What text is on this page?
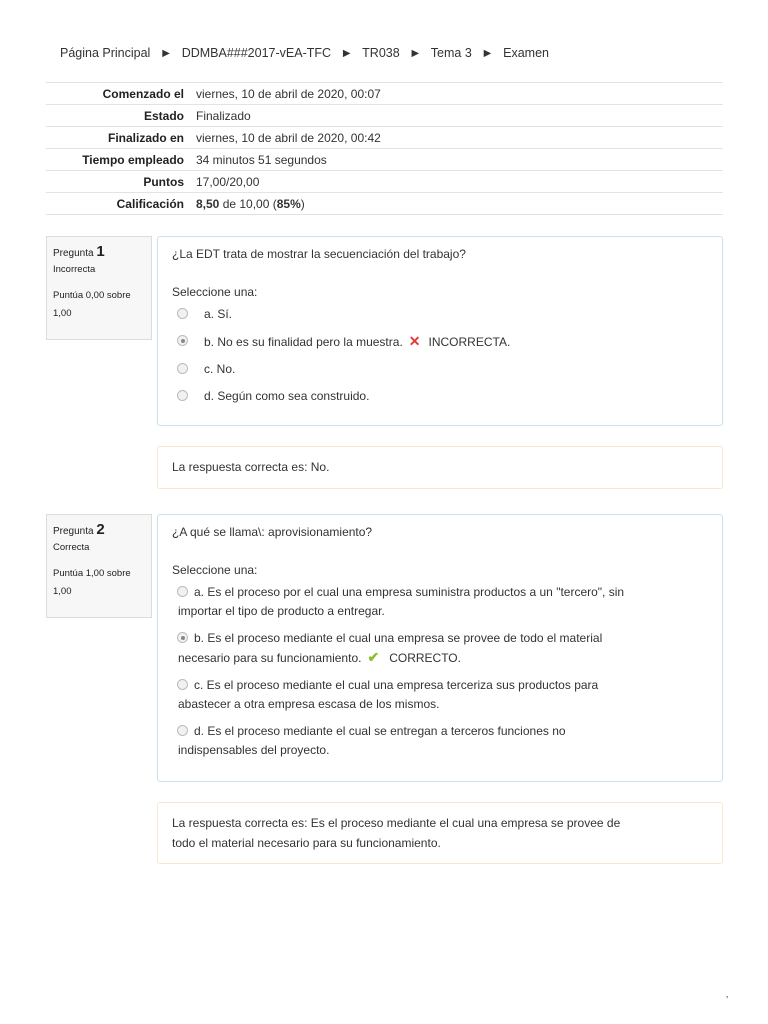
Página Principal ► DDMBA###2017-vEA-TFC ► TR038 ► Tema 3 ► Examen
Comenzado el	viernes, 10 de abril de 2020, 00:07
Estado	Finalizado
Finalizado en	viernes, 10 de abril de 2020, 00:42
Tiempo empleado	34 minutos 51 segundos
Puntos	17,00/20,00
Calificación	8,50 de 10,00 (85%)
Pregunta 1
Incorrecta
Puntúa 0,00 sobre 1,00
¿La EDT trata de mostrar la secuenciación del trabajo?
Seleccione una:
a. Sí.
b. No es su finalidad pero la muestra. ✕ INCORRECTA.
c. No.
d. Según como sea construido.
La respuesta correcta es: No.
Pregunta 2
Correcta
Puntúa 1,00 sobre 1,00
¿A qué se llama\: aprovisionamiento?
Seleccione una:
a. Es el proceso por el cual una empresa suministra productos a un "tercero", sin
importar el tipo de producto a entregar.
b. Es el proceso mediante el cual una empresa se provee de todo el material
necesario para su funcionamiento. ✔ CORRECTO.
c. Es el proceso mediante el cual una empresa terceriza sus productos para
abastecer a otra empresa escasa de los mismos.
d. Es el proceso mediante el cual se entregan a terceros funciones no
indispensables del proyecto.
La respuesta correcta es: Es el proceso mediante el cual una empresa se provee de
todo el material necesario para su funcionamiento.
’
